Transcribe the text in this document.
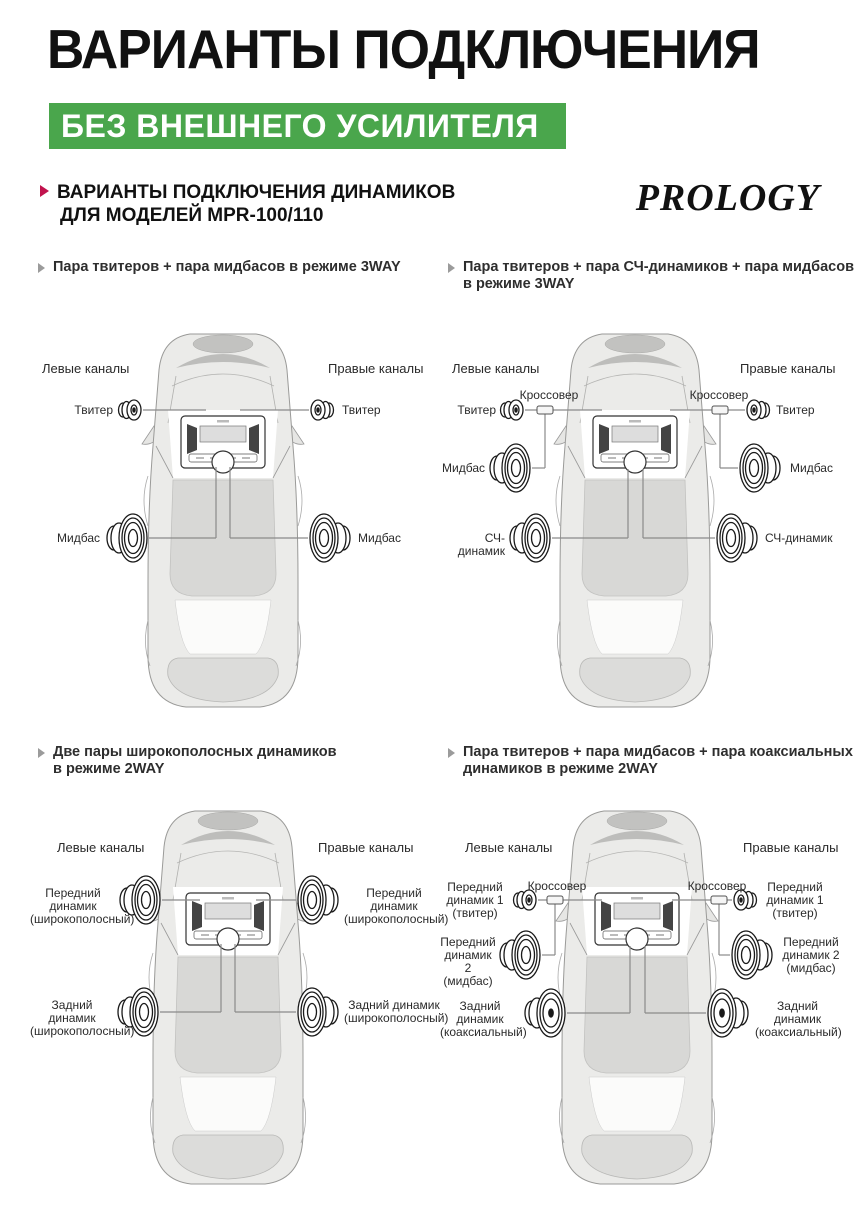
ВАРИАНТЫ ПОДКЛЮЧЕНИЯ
БЕЗ ВНЕШНЕГО УСИЛИТЕЛЯ
ВАРИАНТЫ ПОДКЛЮЧЕНИЯ ДИНАМИКОВ
ДЛЯ МОДЕЛЕЙ MPR-100/110	PROLOGY
Пара твитеров + пара мидбасов в режиме 3WAY
Левые каналы	Правые каналы
Твитер	Твитер
Мидбас	Мидбас
Пара твитеров + пара СЧ-динамиков + пара мидбасов
в режиме 3WAY
Левые каналы	Правые каналы
Кроссовер	Кроссовер
Твитер	Твитер
Мидбас	Мидбас
СЧ-динамик
СЧ-динамик
Две пары широкополосных динамиков
в режиме 2WAY
Левые каналы	Правые каналы
Передний динамик
(широкополосный)
Передний динамик
(широкополосный)
Задний динамик
(широкополосный)
Задний динамик
(широкополосный)
Пара твитеров + пара мидбасов + пара коаксиальных
динамиков в режиме 2WAY
Левые каналы	Правые каналы
Кроссовер	Кроссовер
Передний
динамик 1
(твитер)
Передний
динамик 1
(твитер)
Передний
динамик 2
(мидбас)
Передний
динамик 2
(мидбас)
Задний динамик
(коаксиальный)
Задний динамик
(коаксиальный)
